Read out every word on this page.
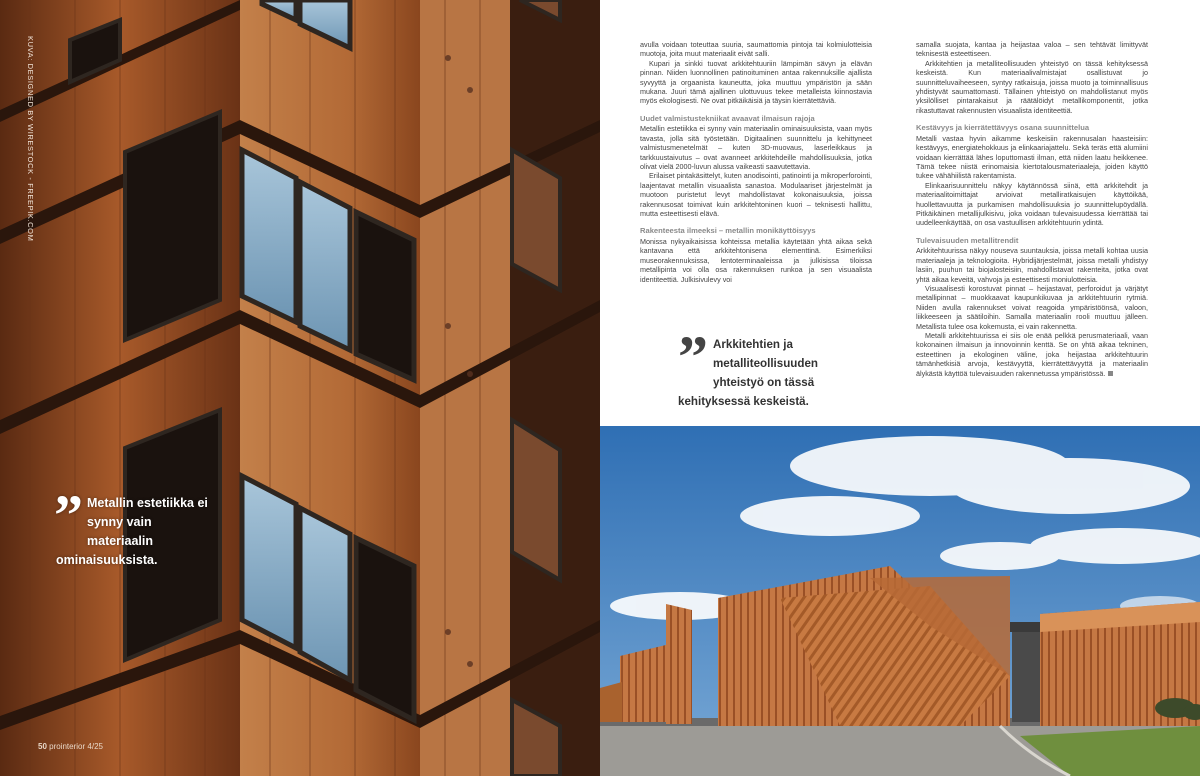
KUVA: DESIGNED BY WIRESTOCK - FREEPIK.COM
” Metallin estetiikka ei synny vain materiaalin ominaisuuksista.
50 prointerior 4/25

avulla voidaan toteuttaa suuria, saumattomia pintoja tai kolmiulotteisia muotoja, joita muut materiaalit eivät salli.

Kupari ja sinkki tuovat arkkitehtuuriin lämpimän sävyn ja elävän pinnan. Niiden luonnollinen patinoituminen antaa rakennuksille ajallista syvyyttä ja orgaanista kauneutta, joka muuttuu ympäristön ja sään mukana. Juuri tämä ajallinen ulottuvuus tekee metalleista kiinnostavia myös ekologisesti. Ne ovat pitkäikäisiä ja täysin kierrätettäviä.

Uudet valmistustekniikat avaavat ilmaisun rajoja

Metallin estetiikka ei synny vain materiaalin ominaisuuksista, vaan myös tavasta, jolla sitä työstetään. Digitaalinen suunnittelu ja kehittyneet valmistusmenetelmät – kuten 3D-muovaus, laserleikkaus ja tarkkuustaivutus – ovat avanneet arkkitehdeille mahdollisuuksia, jotka olivat vielä 2000-luvun alussa vaikeasti saavutettavia.

Erilaiset pintakäsittelyt, kuten anodisointi, patinointi ja mikroperforointi, laajentavat metallin visuaalista sanastoa. Modulaariset järjestelmät ja muotoon puristetut levyt mahdollistavat kokonaisuuksia, joissa rakennusosat toimivat kuin arkkitehtoninen kuori – teknisesti hallittu, mutta esteettisesti elävä.

Rakenteesta ilmeeksi – metallin monikäyttöisyys

Monissa nykyaikaisissa kohteissa metallia käytetään yhtä aikaa sekä kantavana että arkkitehtonisena elementtinä. Esimerkiksi museorakennuksissa, lentoterminaaleissa ja julkisissa tiloissa metallipinta voi olla osa rakennuksen runkoa ja sen visuaalista identiteettiä. Julkisivulevy voi

” Arkkitehtien ja metalliteollisuuden yhteistyö on tässä kehityksessä keskeistä.

samalla suojata, kantaa ja heijastaa valoa – sen tehtävät limittyvät teknisestä esteettiseen.

Arkkitehtien ja metalliteollisuuden yhteistyö on tässä kehityksessä keskeistä. Kun materiaalivalmistajat osallistuvat jo suunnitteluvaiheeseen, syntyy ratkaisuja, joissa muoto ja toiminnallisuus yhdistyvät saumattomasti. Tällainen yhteistyö on mahdollistanut myös yksilölliset pintarakaisut ja räätälöidyt metallikomponentit, jotka rikastuttavat rakennusten visuaalista identiteettiä.

Kestävyys ja kierrätettävyys osana suunnittelua

Metalli vastaa hyvin aikamme keskeisiin rakennusalan haasteisiin: kestävyys, energiatehokkuus ja elinkaariajattelu. Sekä teräs että alumiini voidaan kierrättää lähes loputtomasti ilman, että niiden laatu heikkenee. Tämä tekee niistä erinomaisia kiertotalousmateriaaleja, joiden käyttö tukee vähähiilistä rakentamista.

Elinkaarisuunnittelu näkyy käytännössä siinä, että arkkitehdit ja materiaalitoimittajat arvioivat metalliratkaisujen käyttöikää, huollettavuutta ja purkamisen mahdollisuuksia jo suunnittelupöydällä. Pitkäikäinen metallijulkisivu, joka voidaan tulevaisuudessa kierrättää tai uudelleenkäyttää, on osa vastuullisen arkkitehtuurin ydintä.

Tulevaisuuden metallitrendit

Arkkitehtuurissa näkyy nouseva suuntauksia, joissa metalli kohtaa uusia materiaaleja ja teknologioita. Hybridijärjestelmät, joissa metalli yhdistyy lasiin, puuhun tai biojalosteisiin, mahdollistavat rakenteita, jotka ovat yhtä aikaa keveitä, vahvoja ja esteettisesti moniulotteisia.

Visuaalisesti korostuvat pinnat – heijastavat, perforoidut ja värjätyt metallipinnat – muokkaavat kaupunkikuvaa ja arkkitehtuurin rytmiä. Niiden avulla rakennukset voivat reagoida ympäristöönsä, valoon, liikkeeseen ja säätiloihin. Samalla materiaalin rooli muuttuu jälleen. Metallista tulee osa kokemusta, ei vain rakennetta.

Metalli arkkitehtuurissa ei siis ole enää pelkkä perusmateriaali, vaan kokonainen ilmaisun ja innovoinnin kenttä. Se on yhtä aikaa tekninen, esteettinen ja ekologinen väline, joka heijastaa arkkitehtuurin tämänhetkisiä arvoja, kestävyyttä, kierrätettävyyttä ja materiaalin älykästä käyttöä tulevaisuuden rakennetussa ympäristössä.
